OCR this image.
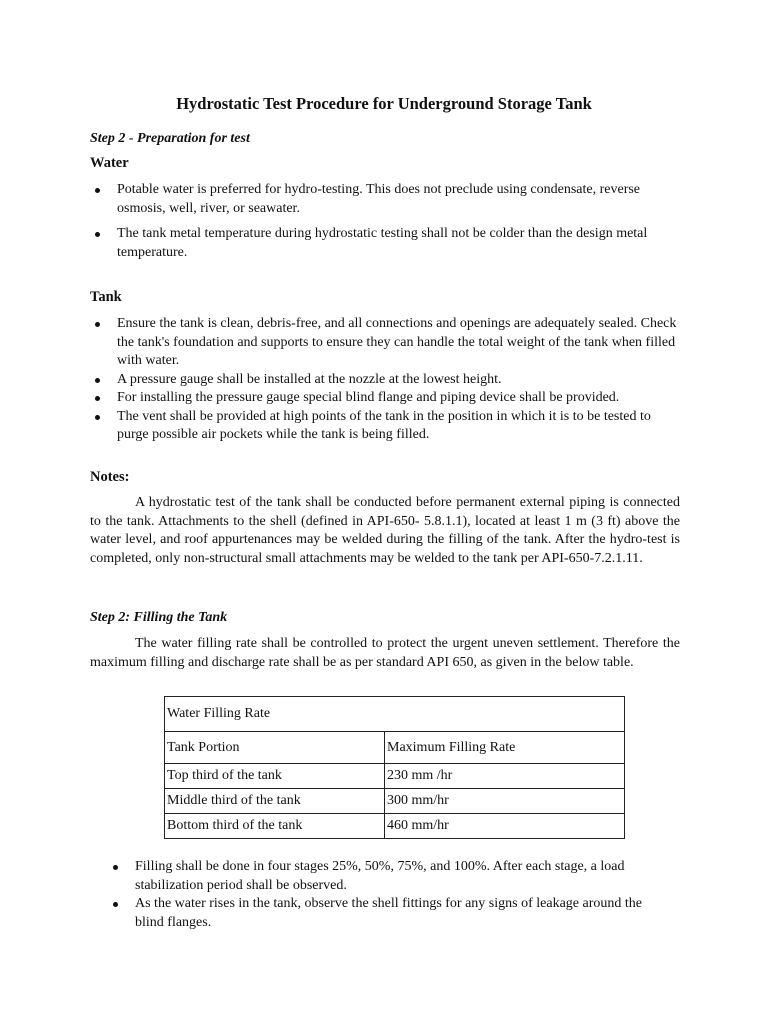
Hydrostatic Test Procedure for Underground Storage Tank
Step 2 - Preparation for test
Water
Potable water is preferred for hydro-testing. This does not preclude using condensate, reverse osmosis, well, river, or seawater.
The tank metal temperature during hydrostatic testing shall not be colder than the design metal temperature.
Tank
Ensure the tank is clean, debris-free, and all connections and openings are adequately sealed. Check the tank's foundation and supports to ensure they can handle the total weight of the tank when filled with water.
A pressure gauge shall be installed at the nozzle at the lowest height.
For installing the pressure gauge special blind flange and piping device shall be provided.
The vent shall be provided at high points of the tank in the position in which it is to be tested to purge possible air pockets while the tank is being filled.
Notes:
A hydrostatic test of the tank shall be conducted before permanent external piping is connected to the tank. Attachments to the shell (defined in API-650- 5.8.1.1), located at least 1 m (3 ft) above the water level, and roof appurtenances may be welded during the filling of the tank. After the hydro-test is completed, only non-structural small attachments may be welded to the tank per API-650-7.2.1.11.
Step 2: Filling the Tank
The water filling rate shall be controlled to protect the urgent uneven settlement. Therefore the maximum filling and discharge rate shall be as per standard API 650, as given in the below table.
Water Filling Rate	
Tank Portion	Maximum Filling Rate
Top third of the tank	230 mm /hr
Middle third of the tank	300 mm/hr
Bottom third of the tank	460 mm/hr
Filling shall be done in four stages 25%, 50%, 75%, and 100%. After each stage, a load stabilization period shall be observed.
As the water rises in the tank, observe the shell fittings for any signs of leakage around the blind flanges.
